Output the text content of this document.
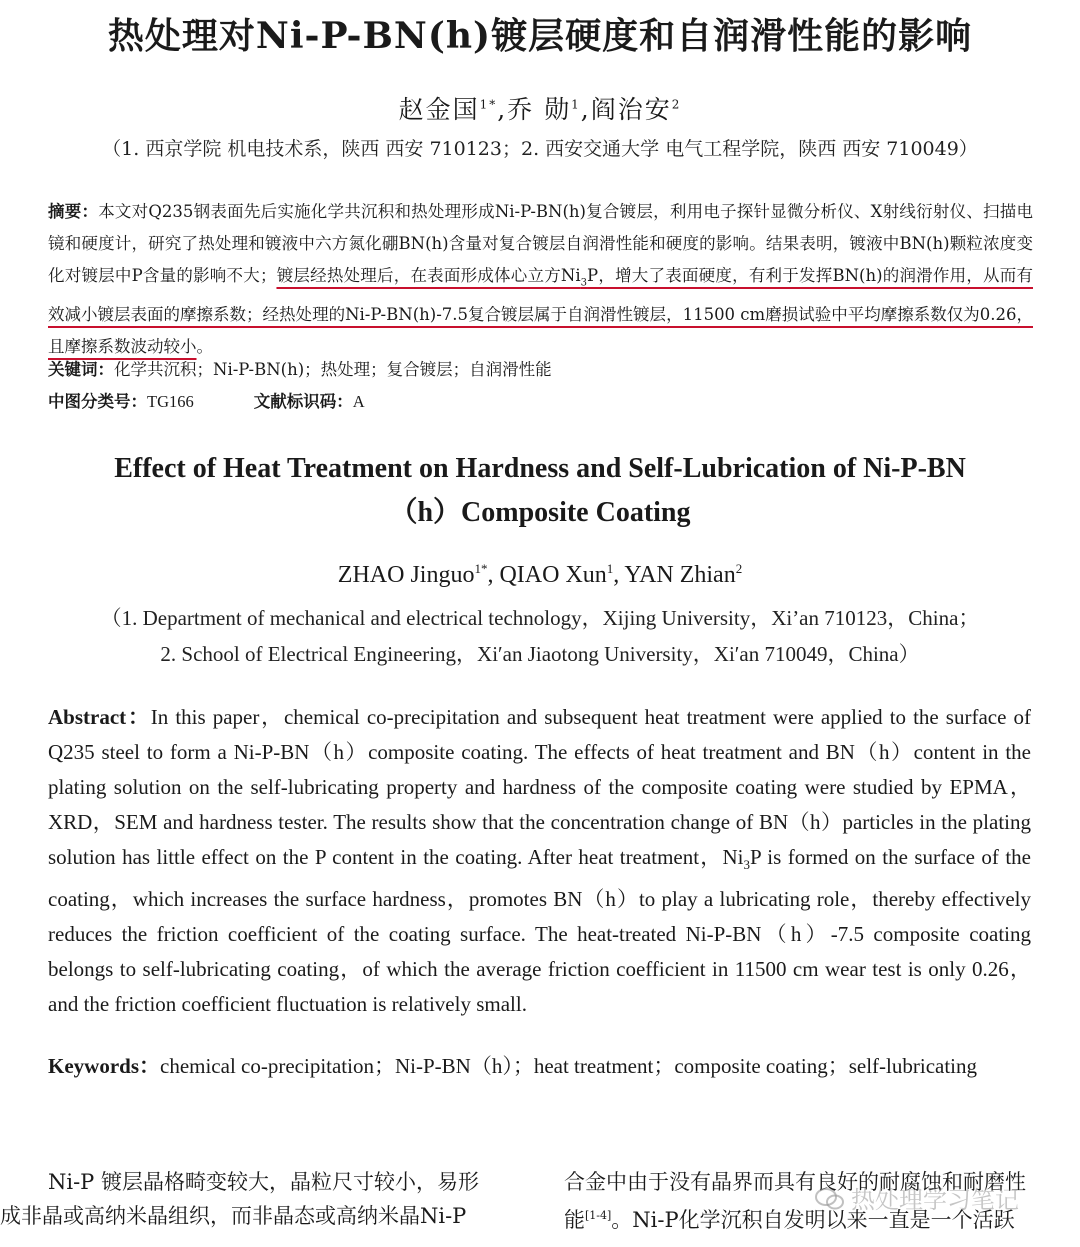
热处理对Ni-P-BN(h)镀层硬度和自润滑性能的影响
赵金国$^{1*}$,乔 勋$^1$,阎治安$^2$
（1. 西京学院 机电技术系，陕西 西安 710123；2. 西安交通大学 电气工程学院，陕西 西安 710049）
摘要：本文对Q235钢表面先后实施化学共沉积和热处理形成Ni-P-BN(h)复合镀层，利用电子探针显微分析仪、X射线衍射仪、扫描电镜和硬度计，研究了热处理和镀液中六方氮化硼BN(h)含量对复合镀层自润滑性能和硬度的影响。结果表明，镀液中BN(h)颗粒浓度变化对镀层中P含量的影响不大；镀层经热处理后，在表面形成体心立方$Ni_3P$，增大了表面硬度，有利于发挥BN(h)的润滑作用，从而有效减小镀层表面的摩擦系数；经热处理的Ni-P-BN(h)-7.5复合镀层属于自润滑性镀层，11500 cm磨损试验中平均摩擦系数仅为0.26，且摩擦系数波动较小。
关键词：化学共沉积；Ni-P-BN(h)；热处理；复合镀层；自润滑性能
中图分类号：TG166	文献标识码：A
Effect of Heat Treatment on Hardness and Self-Lubrication of Ni-P-BN
（h）Composite Coating
ZHAO Jinguo$^{1*}$, QIAO Xun$^1$, YAN Zhian$^2$
（1. Department of mechanical and electrical technology，Xijing University，Xi’an 710123，China；
2. School of Electrical Engineering，Xi′an Jiaotong University，Xi′an 710049，China）
Abstract：In this paper，chemical co-precipitation and subsequent heat treatment were applied to the surface of Q235 steel to form a Ni-P-BN（h）composite coating. The effects of heat treatment and BN（h）content in the plating solution on the self-lubricating property and hardness of the composite coating were studied by EPMA，XRD，SEM and hardness tester. The results show that the concentration change of BN（h）particles in the plating solution has little effect on the P content in the coating. After heat treatment，$Ni_3P$ is formed on the surface of the coating，which increases the surface hardness，promotes BN（h）to play a lubricating role，thereby effectively reduces the friction coefficient of the coating surface. The heat-treated Ni-P-BN（h）-7.5 composite coating belongs to self-lubricating coating，of which the average friction coefficient in 11500 cm wear test is only 0.26，and the friction coefficient fluctuation is relatively small.
Keywords：chemical co-precipitation；Ni-P-BN（h）；heat treatment；composite coating；self-lubricating
Ni-P 镀层晶格畸变较大，晶粒尺寸较小，易形
成非晶或高纳米晶组织，而非晶态或高纳米晶Ni-P
合金中由于没有晶界而具有良好的耐腐蚀和耐磨性
能[1-4]。Ni-P化学沉积自发明以来一直是一个活跃
热处理学习笔记
